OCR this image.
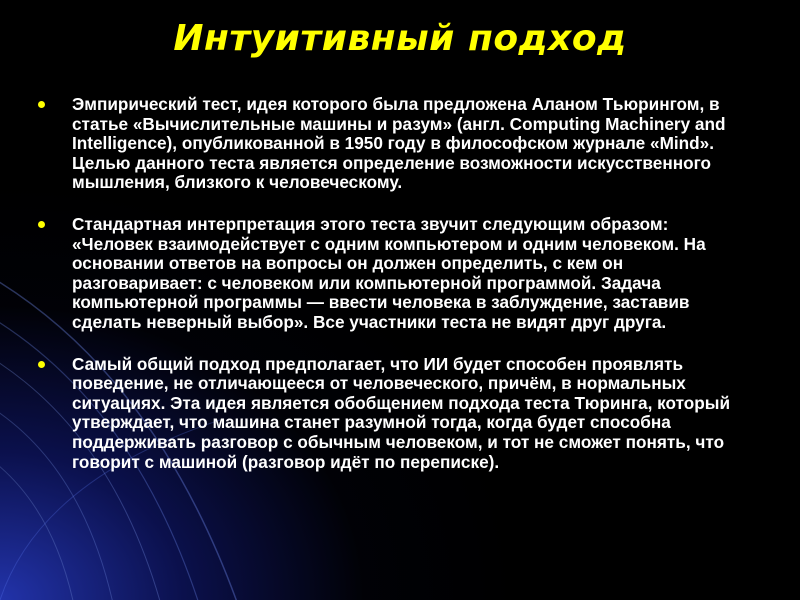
Интуитивный подход
Эмпирический тест, идея которого была предложена Аланом Тьюрингом, в статье «Вычислительные машины и разум» (англ. Computing Machinery and Intelligence), опубликованной в 1950 году в философском журнале «Mind». Целью данного теста является определение возможности искусственного мышления, близкого к человеческому.
Стандартная интерпретация этого теста звучит следующим образом: «Человек взаимодействует с одним компьютером и одним человеком. На основании ответов на вопросы он должен определить, с кем он разговаривает: с человеком или компьютерной программой. Задача компьютерной программы — ввести человека в заблуждение, заставив сделать неверный выбор». Все участники теста не видят друг друга.
Самый общий подход предполагает, что ИИ будет способен проявлять поведение, не отличающееся от человеческого, причём, в нормальных ситуациях. Эта идея является обобщением подхода теста Тюринга, который утверждает, что машина станет разумной тогда, когда будет способна поддерживать разговор с обычным человеком, и тот не сможет понять, что говорит с машиной (разговор идёт по переписке).
